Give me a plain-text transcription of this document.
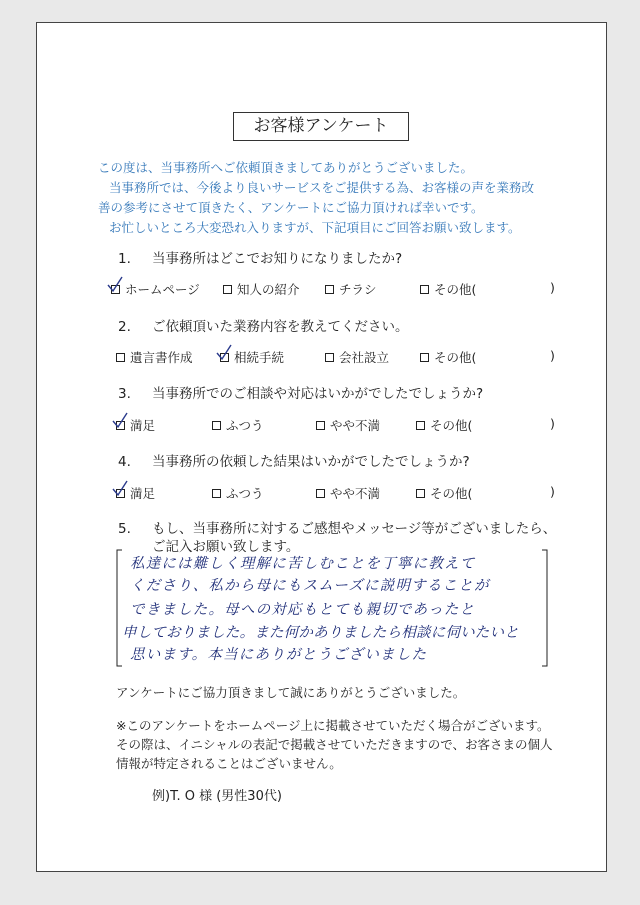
お客様アンケート
この度は、当事務所へご依頼頂きましてありがとうございました。
当事務所では、今後より良いサービスをご提供する為、お客様の声を業務改
善の参考にさせて頂きたく、アンケートにご協力頂ければ幸いです。
お忙しいところ大変恐れ入りますが、下記項目にご回答お願い致します。
1. 当事務所はどこでお知りになりましたか?
ホームページ	知人の紹介	チラシ	その他(	)
2. ご依頼頂いた業務内容を教えてください。
遺言書作成	相続手続	会社設立	その他(	)
3. 当事務所でのご相談や対応はいかがでしたでしょうか?
満足	ふつう	やや不満	その他(	)
4. 当事務所の依頼した結果はいかがでしたでしょうか?
満足	ふつう	やや不満	その他(	)
5. もし、当事務所に対するご感想やメッセージ等がございましたら、
ご記入お願い致します。
私達には難しく理解に苦しむことを丁寧に教えて
くださり、私から母にもスムーズに説明することが
できました。母への対応もとても親切であったと
申しておりました。また何かありましたら相談に伺いたいと
思います。本当にありがとうございました
アンケートにご協力頂きまして誠にありがとうございました。
※このアンケートをホームページ上に掲載させていただく場合がございます。
その際は、イニシャルの表記で掲載させていただきますので、お客さまの個人
情報が特定されることはございません。
例)T. O 様 (男性30代)
